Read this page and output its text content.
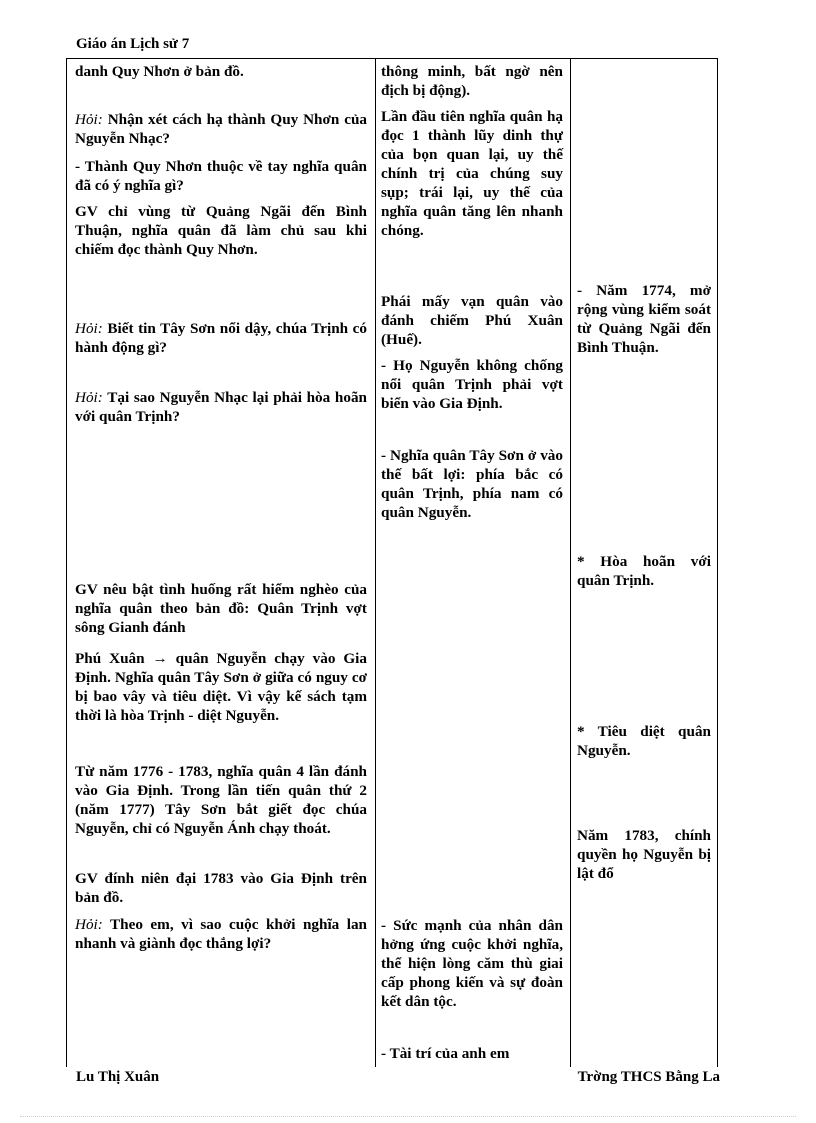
Giáo án Lịch sử 7
danh Quy Nhơn ở bản đồ.
Hỏi: Nhận xét cách hạ thành Quy Nhơn của Nguyễn Nhạc?
- Thành Quy Nhơn thuộc về tay nghĩa quân đã có ý nghĩa gì?
GV chỉ vùng từ Quảng Ngãi đến Bình Thuận, nghĩa quân đã làm chủ sau khi chiếm đọc thành Quy Nhơn.
Hỏi: Biết tin Tây Sơn nổi dậy, chúa Trịnh có hành động gì?
Hỏi: Tại sao Nguyễn Nhạc lại phải hòa hoãn với quân Trịnh?
GV nêu bật tình huống rất hiểm nghèo của nghĩa quân theo bản đồ: Quân Trịnh vợt sông Gianh đánh
Phú Xuân → quân Nguyễn chạy vào Gia Định. Nghĩa quân Tây Sơn ở giữa có nguy cơ bị bao vây và tiêu diệt. Vì vậy kế sách tạm thời là hòa Trịnh - diệt Nguyễn.
Từ năm 1776 - 1783, nghĩa quân 4 lần đánh vào Gia Định. Trong lần tiến quân thứ 2 (năm 1777) Tây Sơn bắt giết đọc chúa Nguyễn, chỉ có Nguyễn Ánh chạy thoát.
GV đính niên đại 1783 vào Gia Định trên bản đồ.
Hỏi: Theo em, vì sao cuộc khởi nghĩa lan nhanh và giành đọc thắng lợi?
thông minh, bất ngờ nên địch bị động).
Lần đầu tiên nghĩa quân hạ đọc 1 thành lũy dinh thự của bọn quan lại, uy thế chính trị của chúng suy sụp; trái lại, uy thế của nghĩa quân tăng lên nhanh chóng.
Phái mấy vạn quân vào đánh chiếm Phú Xuân (Huế).
- Họ Nguyễn không chống nổi quân Trịnh phải vợt biển vào Gia Định.
- Nghĩa quân Tây Sơn ở vào thế bất lợi: phía bắc có quân Trịnh, phía nam có quân Nguyễn.
- Sức mạnh của nhân dân hởng ứng cuộc khởi nghĩa, thể hiện lòng căm thù giai cấp phong kiến và sự đoàn kết dân tộc.
- Tài trí của anh em
- Năm 1774, mở rộng vùng kiểm soát từ Quảng Ngãi đến Bình Thuận.
* Hòa hoãn với quân Trịnh.
* Tiêu diệt quân Nguyễn.
Năm 1783, chính quyền họ Nguyễn bị lật đổ
Lu Thị Xuân	Trờng THCS Bằng La
